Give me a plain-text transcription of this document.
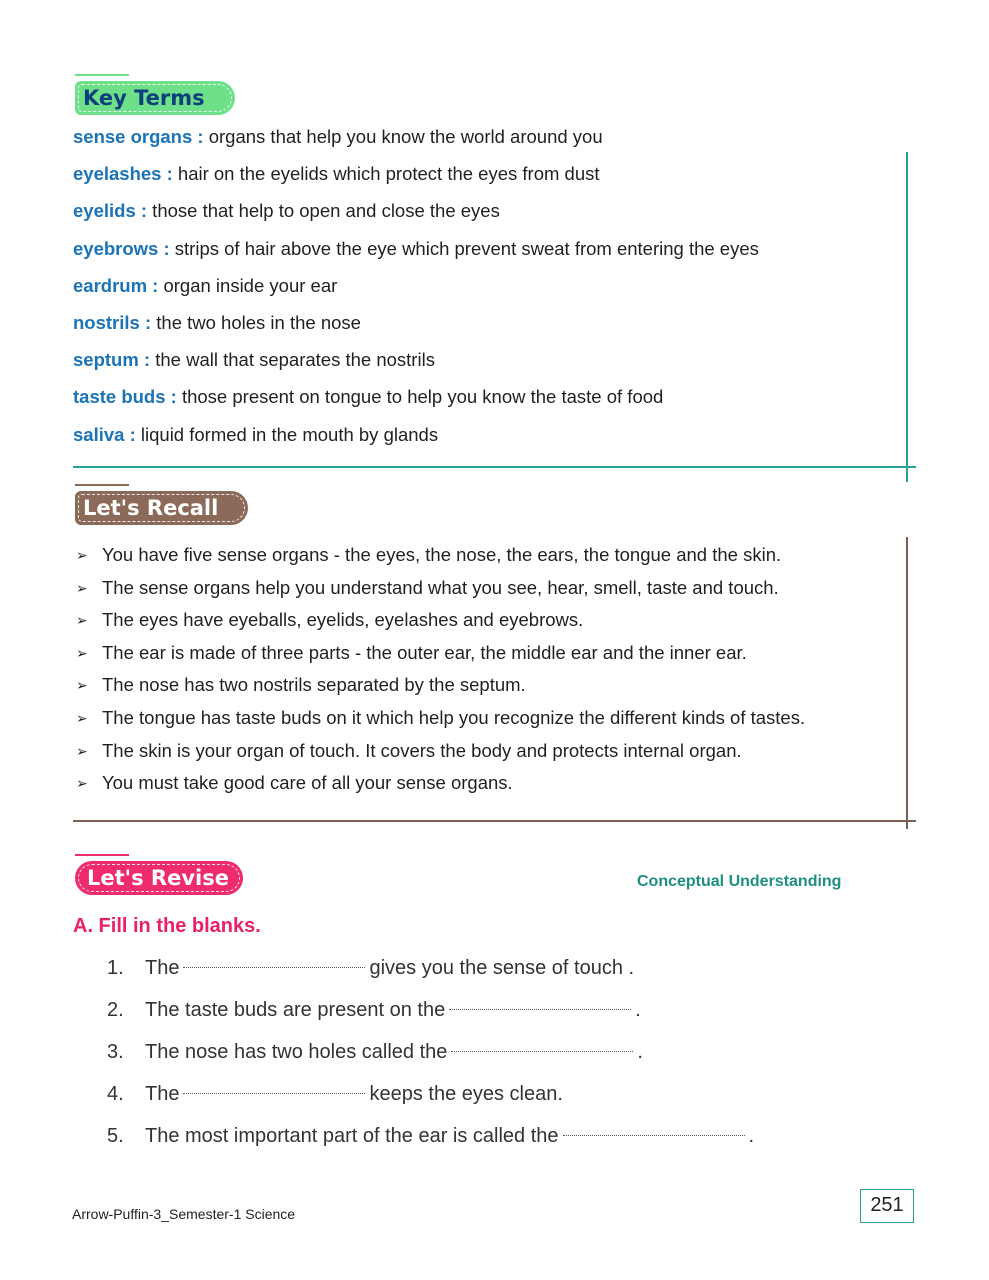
Key Terms
sense organs : organs that help you know the world around you
eyelashes : hair on the eyelids which protect the eyes from dust
eyelids : those that help to open and close the eyes
eyebrows : strips of hair above the eye which prevent sweat from entering the eyes
eardrum : organ inside your ear
nostrils : the two holes in the nose
septum : the wall that separates the nostrils
taste buds : those present on tongue to help you know the taste of food
saliva : liquid formed in the mouth by glands
Let's Recall
➢ You have five sense organs - the eyes, the nose, the ears, the tongue and the skin.
➢ The sense organs help you understand what you see, hear, smell, taste and touch.
➢ The eyes have eyeballs, eyelids, eyelashes and eyebrows.
➢ The ear is made of three parts - the outer ear, the middle ear and the inner ear.
➢ The nose has two nostrils separated by the septum.
➢ The tongue has taste buds on it which help you recognize the different kinds of tastes.
➢ The skin is your organ of touch. It covers the body and protects internal organ.
➢ You must take good care of all your sense organs.
Let's Revise	Conceptual Understanding
A. Fill in the blanks.
1.	The	gives you the sense of touch .
2.	The taste buds are present on the	.
3.	The nose has two holes called the	.
4.	The	keeps the eyes clean.
5.	The most important part of the ear is called the	.
Arrow-Puffin-3_Semester-1 Science	251
